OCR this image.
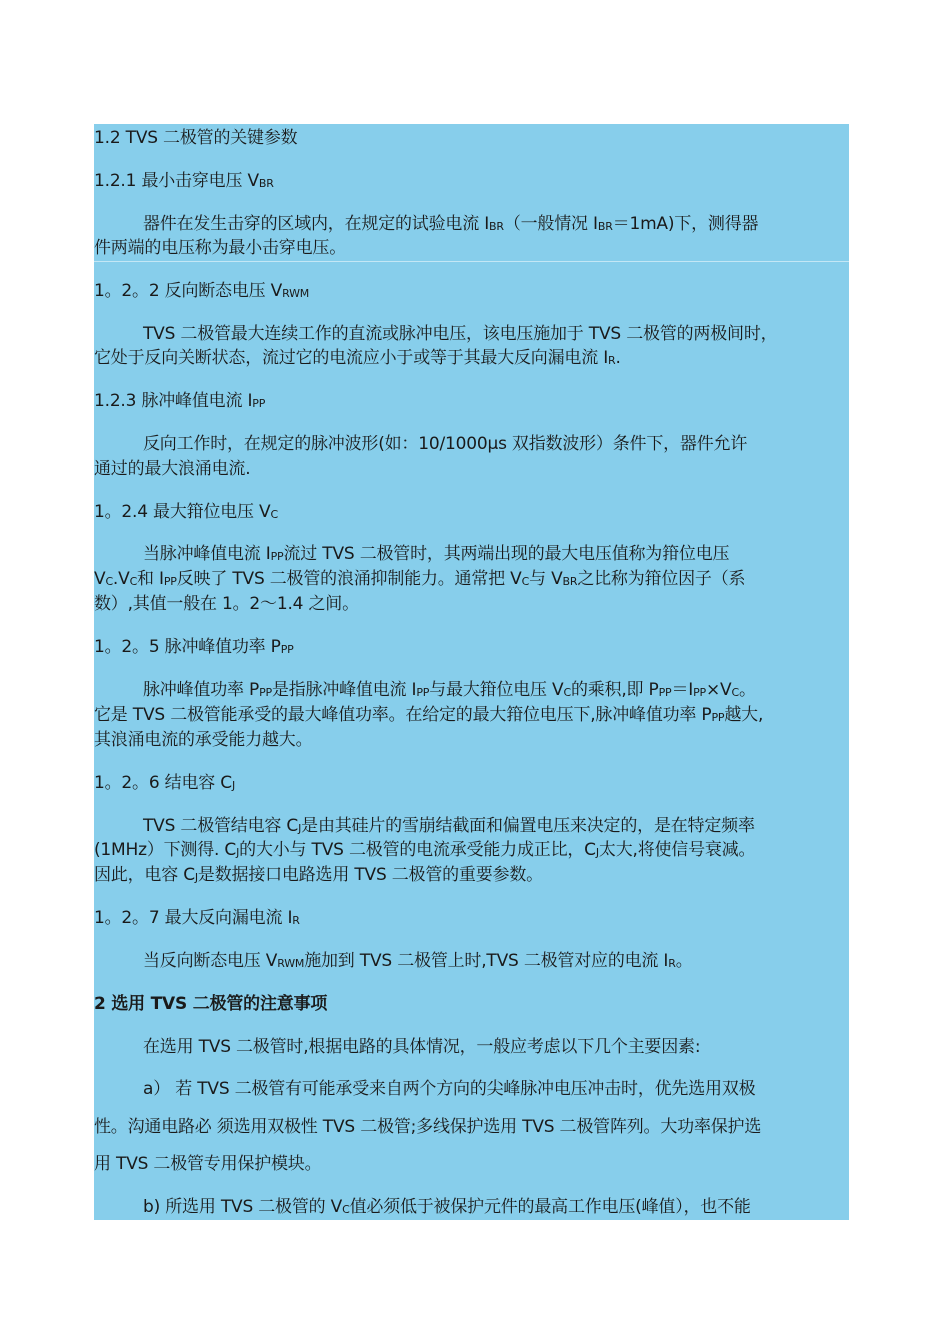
1.2 TVS 二极管的关键参数
1.2.1 最小击穿电压 $V_{BR}$
器件在发生击穿的区域内，在规定的试验电流 $I_{BR}$（一般情况 $I_{BR}=1mA$)下，测得器
件两端的电压称为最小击穿电压。
1。2。2 反向断态电压 $V_{RWM}$
TVS 二极管最大连续工作的直流或脉冲电压，该电压施加于 TVS 二极管的两极间时，
它处于反向关断状态，流过它的电流应小于或等于其最大反向漏电流 $I_R$.
1.2.3 脉冲峰值电流 $I_{PP}$
反向工作时，在规定的脉冲波形(如：10/1000μs 双指数波形）条件下，器件允许
通过的最大浪涌电流.
1。2.4 最大箝位电压 $V_C$
当脉冲峰值电流 $I_{PP}$流过 TVS 二极管时，其两端出现的最大电压值称为箝位电压
$V_C.V_C$和 $I_{PP}$反映了 TVS 二极管的浪涌抑制能力。通常把 $V_C$与 $V_{BR}$之比称为箝位因子（系
数）,其值一般在 1。2～1.4 之间。
1。2。5 脉冲峰值功率 $P_{PP}$
脉冲峰值功率 $P_{PP}$是指脉冲峰值电流 $I_{PP}$与最大箝位电压 $V_C$的乘积,即 $P_{PP}=I_{PP}\times V_C$。
它是 TVS 二极管能承受的最大峰值功率。在给定的最大箝位电压下,脉冲峰值功率 $P_{PP}$越大,
其浪涌电流的承受能力越大。
1。2。6 结电容 $C_J$
TVS 二极管结电容 $C_J$是由其硅片的雪崩结截面和偏置电压来决定的，是在特定频率
(1MHz）下测得. $C_J$的大小与 TVS 二极管的电流承受能力成正比，$C_J$太大,将使信号衰减。
因此，电容 $C_J$是数据接口电路选用 TVS 二极管的重要参数。
1。2。7 最大反向漏电流 $I_R$
当反向断态电压 $V_{RWM}$施加到 TVS 二极管上时,TVS 二极管对应的电流 $I_R$。
2 选用 TVS 二极管的注意事项
在选用 TVS 二极管时,根据电路的具体情况，一般应考虑以下几个主要因素:
a） 若 TVS 二极管有可能承受来自两个方向的尖峰脉冲电压冲击时，优先选用双极
性。沟通电路必 须选用双极性 TVS 二极管;多线保护选用 TVS 二极管阵列。大功率保护选
用 TVS 二极管专用保护模块。
b) 所选用 TVS 二极管的 $V_C$值必须低于被保护元件的最高工作电压(峰值），也不能
